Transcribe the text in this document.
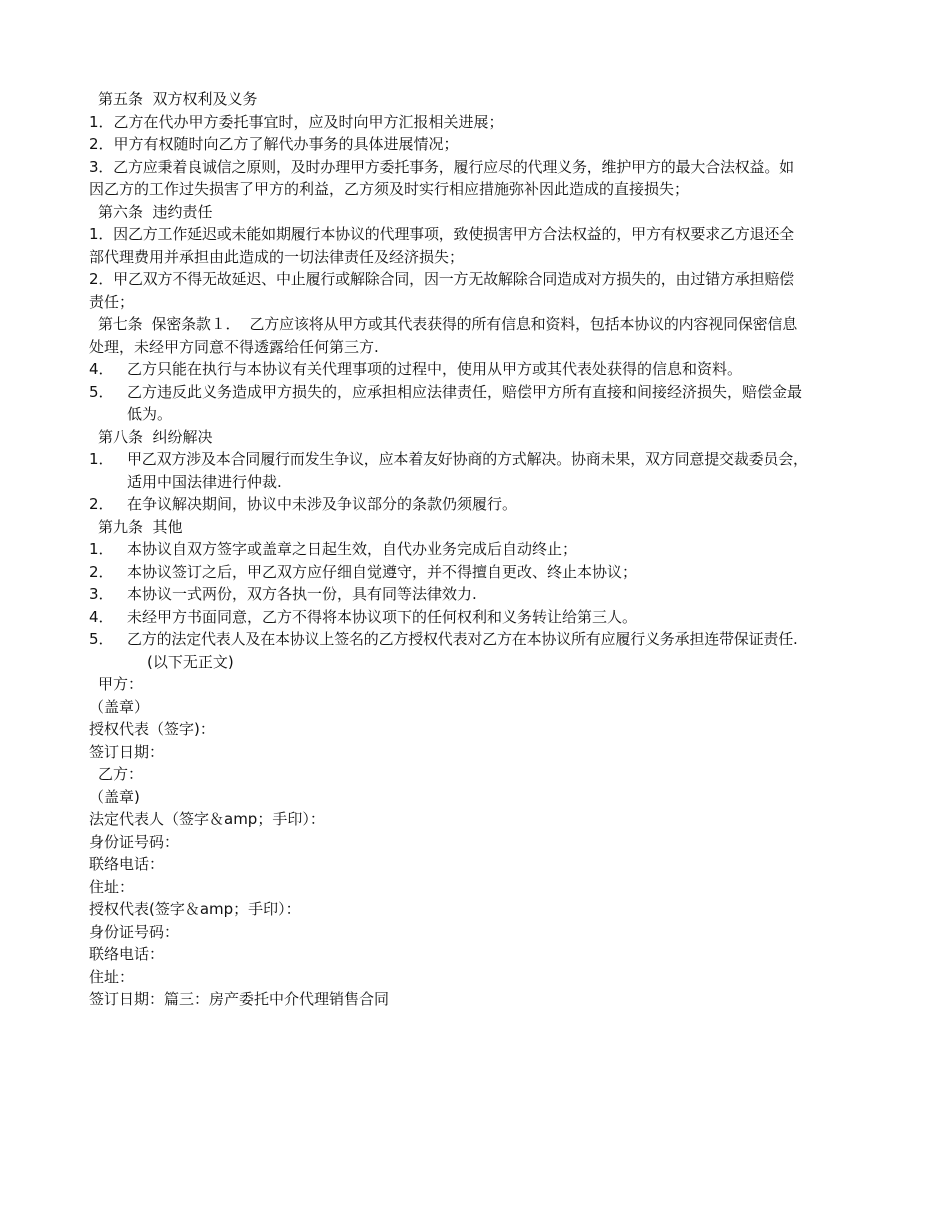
第五条  双方权利及义务
1．乙方在代办甲方委托事宜时，应及时向甲方汇报相关进展；
2．甲方有权随时向乙方了解代办事务的具体进展情况；
3．乙方应秉着良诚信之原则，及时办理甲方委托事务，履行应尽的代理义务，维护甲方的最大合法权益。如
因乙方的工作过失损害了甲方的利益，乙方须及时实行相应措施弥补因此造成的直接损失；
第六条  违约责任
1．因乙方工作延迟或未能如期履行本协议的代理事项，致使损害甲方合法权益的，甲方有权要求乙方退还全
部代理费用并承担由此造成的一切法律责任及经济损失；
2．甲乙双方不得无故延迟、中止履行或解除合同，因一方无故解除合同造成对方损失的，由过错方承担赔偿
责任；
第七条  保密条款１．  乙方应该将从甲方或其代表获得的所有信息和资料，包括本协议的内容视同保密信息
处理，未经甲方同意不得透露给任何第三方.
4． 乙方只能在执行与本协议有关代理事项的过程中，使用从甲方或其代表处获得的信息和资料。
5． 乙方违反此义务造成甲方损失的，应承担相应法律责任，赔偿甲方所有直接和间接经济损失，赔偿金最
低为。
第八条  纠纷解决
1． 甲乙双方涉及本合同履行而发生争议，应本着友好协商的方式解决。协商未果，双方同意提交裁委员会，
适用中国法律进行仲裁.
2． 在争议解决期间，协议中未涉及争议部分的条款仍须履行。
第九条  其他
1． 本协议自双方签字或盖章之日起生效，自代办业务完成后自动终止；
2． 本协议签订之后，甲乙双方应仔细自觉遵守，并不得擅自更改、终止本协议；
3． 本协议一式两份，双方各执一份，具有同等法律效力.
4． 未经甲方书面同意，乙方不得将本协议项下的任何权利和义务转让给第三人。
5． 乙方的法定代表人及在本协议上签名的乙方授权代表对乙方在本协议所有应履行义务承担连带保证责任.
(以下无正文)
甲方：
（盖章）
授权代表（签字)：
签订日期：
乙方：
（盖章)
法定代表人（签字＆amp；手印）：
身份证号码：
联络电话：
住址：
授权代表(签字＆amp；手印）：
身份证号码：
联络电话：
住址：
签订日期：篇三：房产委托中介代理销售合同
